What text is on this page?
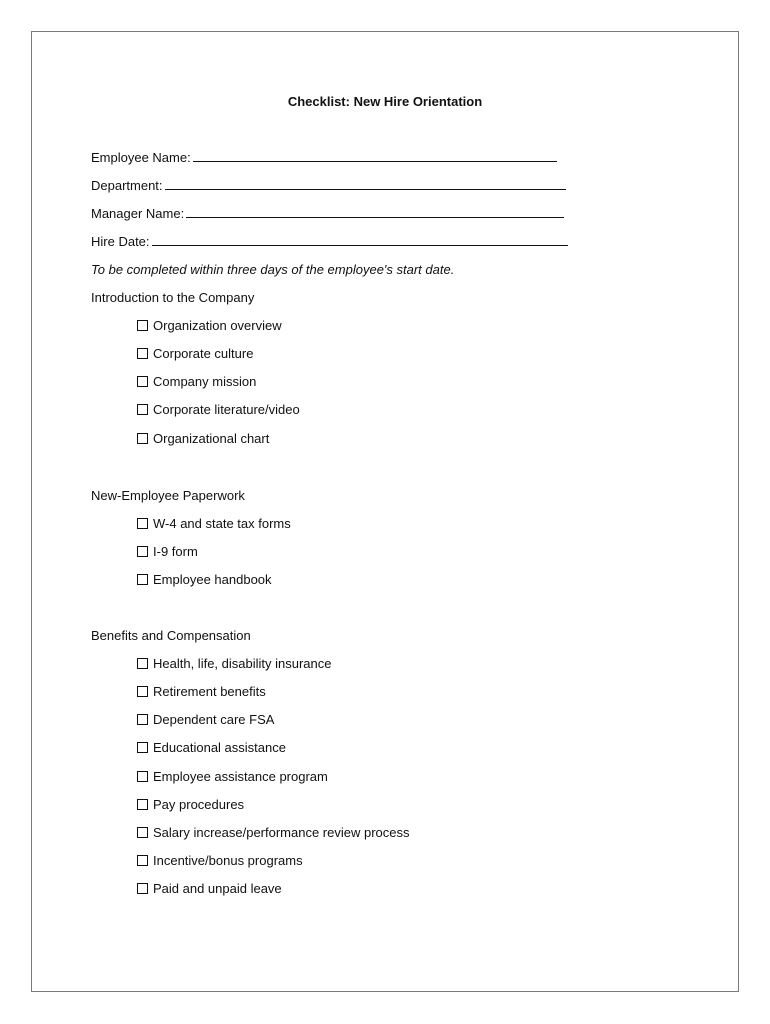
Checklist: New Hire Orientation
Employee Name:
Department:
Manager Name:
Hire Date:
To be completed within three days of the employee's start date.
Introduction to the Company
Organization overview
Corporate culture
Company mission
Corporate literature/video
Organizational chart
New-Employee Paperwork
W-4 and state tax forms
I-9 form
Employee handbook
Benefits and Compensation
Health, life, disability insurance
Retirement benefits
Dependent care FSA
Educational assistance
Employee assistance program
Pay procedures
Salary increase/performance review process
Incentive/bonus programs
Paid and unpaid leave
